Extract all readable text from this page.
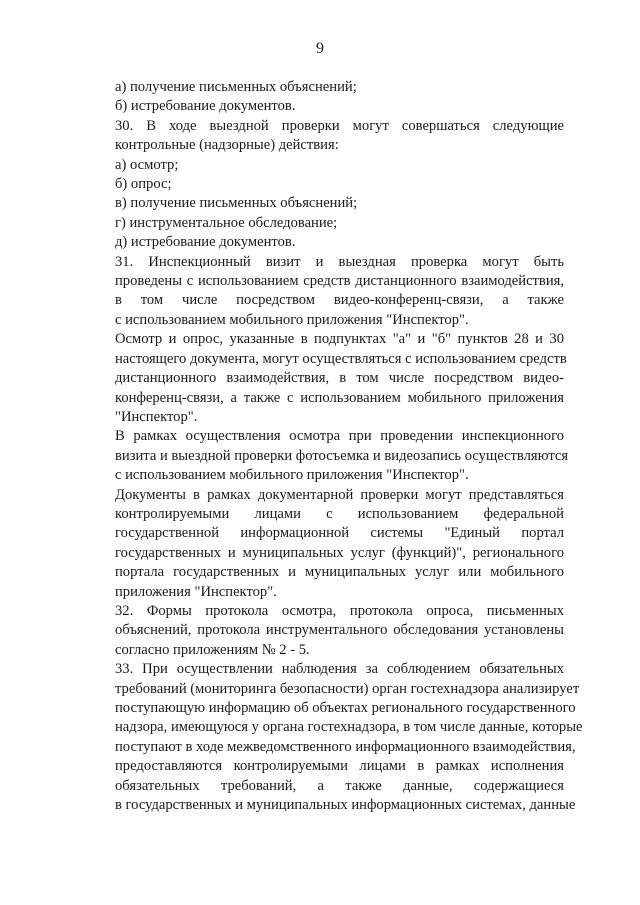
9

а) получение письменных объяснений;

б) истребование документов.

30. В ходе выездной проверки могут совершаться следующие
контрольные (надзорные) действия:

а) осмотр;

б) опрос;

в) получение письменных объяснений;

г) инструментальное обследование;

д) истребование документов.

31. Инспекционный визит и выездная проверка могут быть
проведены с использованием средств дистанционного взаимодействия,
в том числе посредством видео-конференц-связи, а также
с использованием мобильного приложения "Инспектор".

Осмотр и опрос, указанные в подпунктах "а" и "б" пунктов 28 и 30
настоящего документа, могут осуществляться с использованием средств
дистанционного взаимодействия, в том числе посредством видео-
конференц-связи, а также с использованием мобильного приложения
"Инспектор".

В рамках осуществления осмотра при проведении инспекционного
визита и выездной проверки фотосъемка и видеозапись осуществляются
с использованием мобильного приложения "Инспектор".

Документы в рамках документарной проверки могут представляться
контролируемыми лицами с использованием федеральной
государственной информационной системы "Единый портал
государственных и муниципальных услуг (функций)", регионального
портала государственных и муниципальных услуг или мобильного
приложения "Инспектор".

32. Формы протокола осмотра, протокола опроса, письменных
объяснений, протокола инструментального обследования установлены
согласно приложениям № 2 - 5.

33. При осуществлении наблюдения за соблюдением обязательных
требований (мониторинга безопасности) орган гостехнадзора анализирует
поступающую информацию об объектах регионального государственного
надзора, имеющуюся у органа гостехнадзора, в том числе данные, которые
поступают в ходе межведомственного информационного взаимодействия,
предоставляются контролируемыми лицами в рамках исполнения
обязательных требований, а также данные, содержащиеся
в государственных и муниципальных информационных системах, данные
